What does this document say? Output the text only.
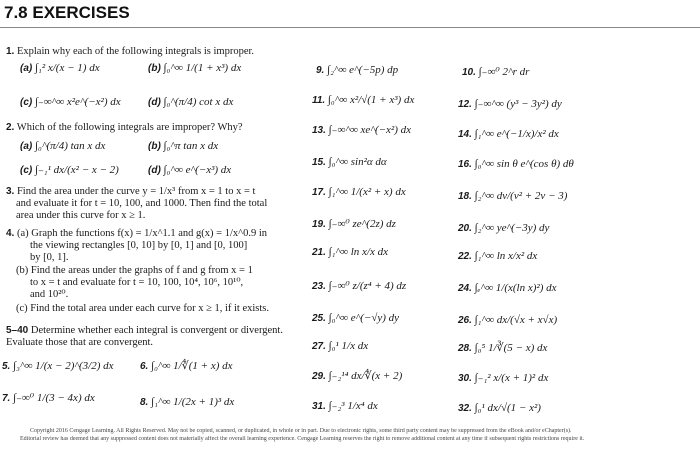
7.8 EXERCISES
1. Explain why each of the following integrals is improper.
(a) ∫₁² x/(x − 1) dx	(b) ∫₀^∞ 1/(1 + x³) dx
(c) ∫₋∞^∞ x²e^(−x²) dx	(d) ∫₀^(π/4) cot x dx
2. Which of the following integrals are improper? Why?
(a) ∫₀^(π/4) tan x dx	(b) ∫₀^π tan x dx
(c) ∫₋₁¹ dx/(x² − x − 2)	(d) ∫₀^∞ e^(−x³) dx
3. Find the area under the curve y = 1/x³ from x = 1 to x = t
and evaluate it for t = 10, 100, and 1000. Then find the total
area under this curve for x ≥ 1.
4. (a) Graph the functions f(x) = 1/x^1.1 and g(x) = 1/x^0.9 in
the viewing rectangles [0, 10] by [0, 1] and [0, 100]
by [0, 1].
(b) Find the areas under the graphs of f and g from x = 1
to x = t and evaluate for t = 10, 100, 10⁴, 10⁶, 10¹⁰,
and 10²⁰.
(c) Find the total area under each curve for x ≥ 1, if it exists.
5–40 Determine whether each integral is convergent or divergent.
Evaluate those that are convergent.
5. ∫₃^∞ 1/(x − 2)^(3/2) dx	6. ∫₀^∞ 1/∜(1 + x) dx
7. ∫₋∞⁰ 1/(3 − 4x) dx	8. ∫₁^∞ 1/(2x + 1)³ dx
9. ∫₂^∞ e^(−5p) dp	10. ∫₋∞⁰ 2^r dr
11. ∫₀^∞ x²/√(1 + x³) dx	12. ∫₋∞^∞ (y³ − 3y²) dy
13. ∫₋∞^∞ xe^(−x²) dx	14. ∫₁^∞ e^(−1/x)/x² dx
15. ∫₀^∞ sin²α dα	16. ∫₀^∞ sin θ e^(cos θ) dθ
17. ∫₁^∞ 1/(x² + x) dx	18. ∫₂^∞ dv/(v² + 2v − 3)
19. ∫₋∞⁰ ze^(2z) dz	20. ∫₂^∞ ye^(−3y) dy
21. ∫₁^∞ ln x/x dx	22. ∫₁^∞ ln x/x² dx
23. ∫₋∞⁰ z/(z⁴ + 4) dz	24. ∫ₑ^∞ 1/(x(ln x)²) dx
25. ∫₀^∞ e^(−√y) dy	26. ∫₁^∞ dx/(√x + x√x)
27. ∫₀¹ 1/x dx	28. ∫₀⁵ 1/∛(5 − x) dx
29. ∫₋₂¹⁴ dx/∜(x + 2)	30. ∫₋₁² x/(x + 1)² dx
31. ∫₋₂³ 1/x⁴ dx	32. ∫₀¹ dx/√(1 − x²)
Copyright 2016 Cengage Learning. All Rights Reserved. May not be copied, scanned, or duplicated, in whole or in part. Due to electronic rights, some third party content may be suppressed from the eBook and/or eChapter(s).
Editorial review has deemed that any suppressed content does not materially affect the overall learning experience. Cengage Learning reserves the right to remove additional content at any time if subsequent rights restrictions require it.
